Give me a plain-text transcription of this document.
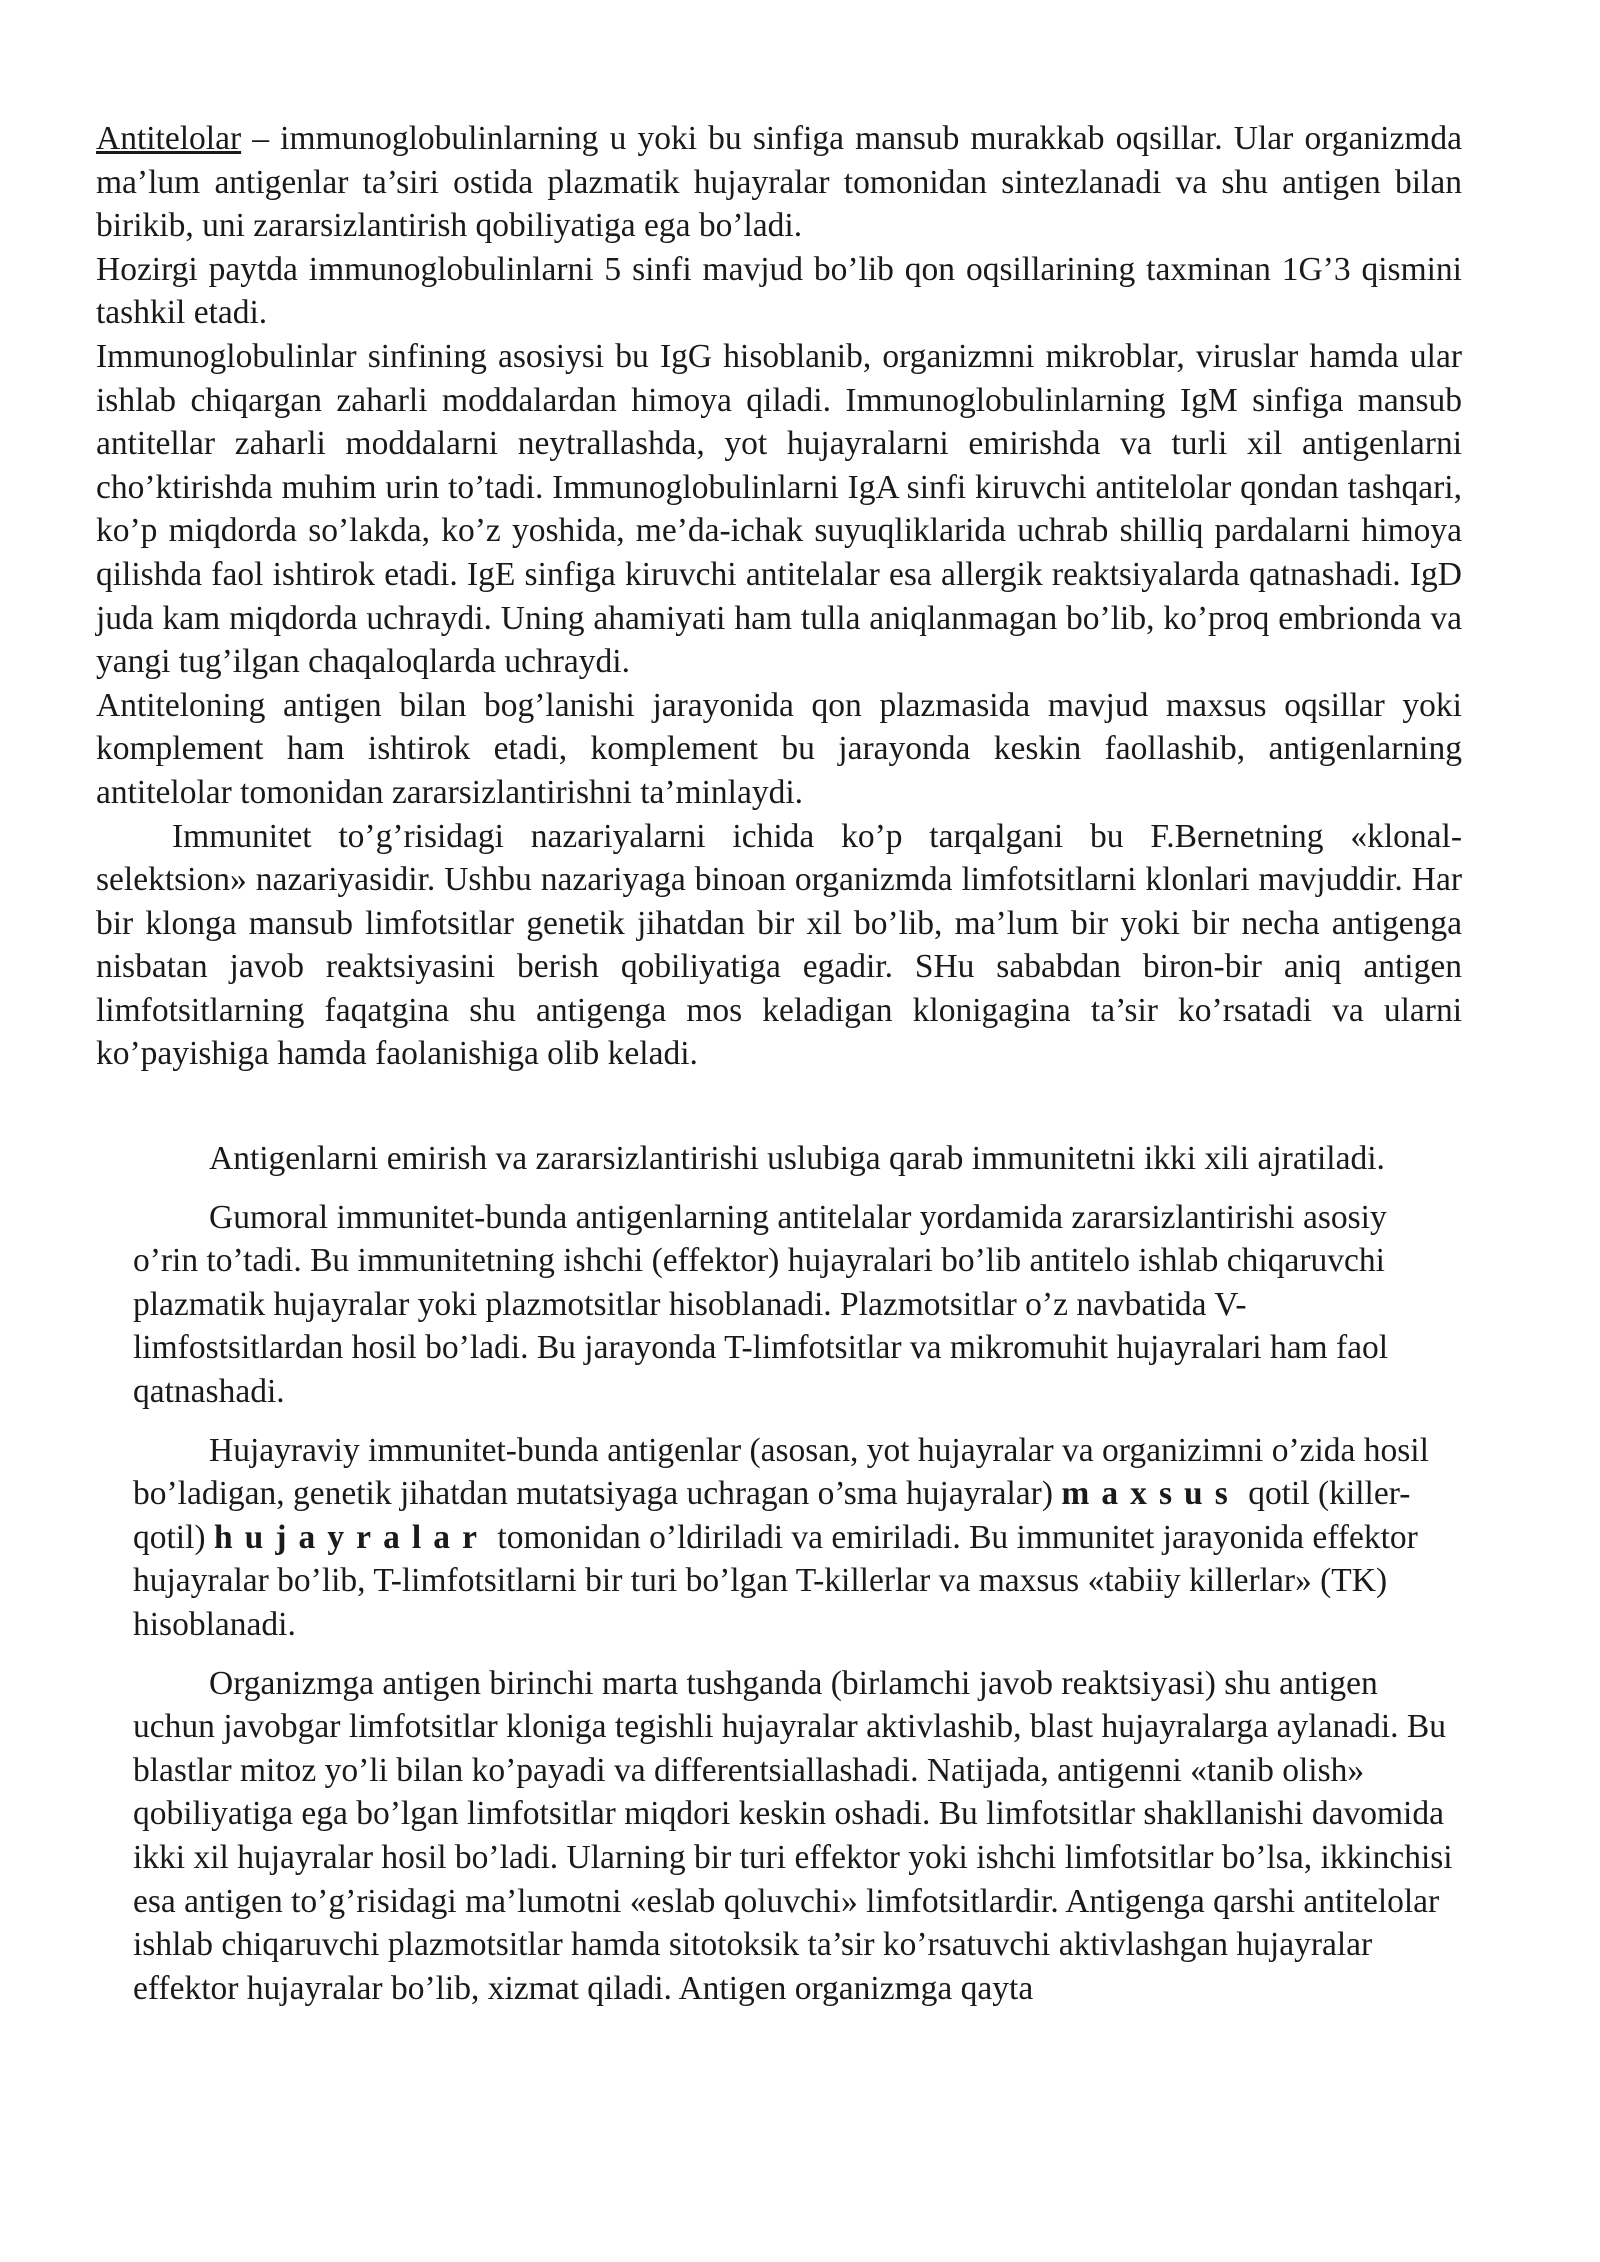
Antitelolar – immunoglobulinlarning u yoki bu sinfiga mansub murakkab oqsillar. Ular organizmda ma’lum antigenlar ta’siri ostida plazmatik hujayralar tomonidan sintezlanadi va shu antigen bilan birikib, uni zararsizlantirish qobiliyatiga ega bo’ladi.

Hozirgi paytda immunoglobulinlarni 5 sinfi mavjud bo’lib qon oqsillarining taxminan 1G’3 qismini tashkil etadi.

Immunoglobulinlar sinfining asosiysi bu IgG hisoblanib, organizmni mikroblar, viruslar hamda ular ishlab chiqargan zaharli moddalardan himoya qiladi. Immunoglobulinlarning IgM sinfiga mansub antitellar zaharli moddalarni neytrallashda, yot hujayralarni emirishda va turli xil antigenlarni cho’ktirishda muhim urin to’tadi. Immunoglobulinlarni IgA sinfi kiruvchi antitelolar qondan tashqari, ko’p miqdorda so’lakda, ko’z yoshida, me’da-ichak suyuqliklarida uchrab shilliq pardalarni himoya qilishda faol ishtirok etadi. IgE sinfiga kiruvchi antitelalar esa allergik reaktsiyalarda qatnashadi. IgD juda kam miqdorda uchraydi. Uning ahamiyati ham tulla aniqlanmagan bo’lib, ko’proq embrionda va yangi tug’ilgan chaqaloqlarda uchraydi.

Antiteloning antigen bilan bog’lanishi jarayonida qon plazmasida mavjud maxsus oqsillar yoki komplement ham ishtirok etadi, komplement bu jarayonda keskin faollashib, antigenlarning antitelolar tomonidan zararsizlantirishni ta’minlaydi.

Immunitet to’g’risidagi nazariyalarni ichida ko’p tarqalgani bu F.Bernetning «klonal-selektsion» nazariyasidir. Ushbu nazariyaga binoan organizmda limfotsitlarni klonlari mavjuddir. Har bir klonga mansub limfotsitlar genetik jihatdan bir xil bo’lib, ma’lum bir yoki bir necha antigenga nisbatan javob reaktsiyasini berish qobiliyatiga egadir. SHu sababdan biron-bir aniq antigen limfotsitlarning faqatgina shu antigenga mos keladigan klonigagina ta’sir ko’rsatadi va ularni ko’payishiga hamda faolanishiga olib keladi.

Antigenlarni emirish va zararsizlantirishi uslubiga qarab immunitetni ikki xili ajratiladi.

Gumoral immunitet-bunda antigenlarning antitelalar yordamida zararsizlantirishi asosiy o’rin to’tadi. Bu immunitetning ishchi (effektor) hujayralari bo’lib antitelo ishlab chiqaruvchi plazmatik hujayralar yoki plazmotsitlar hisoblanadi. Plazmotsitlar o’z navbatida V-limfostsitlardan hosil bo’ladi. Bu jarayonda T-limfotsitlar va mikromuhit hujayralari ham faol qatnashadi.

Hujayraviy immunitet-bunda antigenlar (asosan, yot hujayralar va organizimni o’zida hosil bo’ladigan, genetik jihatdan mutatsiyaga uchragan o’sma hujayralar) maxsus qotil (killer- qotil) hujayralar tomonidan o’ldiriladi va emiriladi. Bu immunitet jarayonida effektor hujayralar bo’lib, T-limfotsitlarni bir turi bo’lgan T-killerlar va maxsus «tabiiy killerlar» (TK) hisoblanadi.

Organizmga antigen birinchi marta tushganda (birlamchi javob reaktsiyasi) shu antigen uchun javobgar limfotsitlar kloniga tegishli hujayralar aktivlashib, blast hujayralarga aylanadi. Bu blastlar mitoz yo’li bilan ko’payadi va differentsiallashadi. Natijada, antigenni «tanib olish» qobiliyatiga ega bo’lgan limfotsitlar miqdori keskin oshadi. Bu limfotsitlar shakllanishi davomida ikki xil hujayralar hosil bo’ladi. Ularning bir turi effektor yoki ishchi limfotsitlar bo’lsa, ikkinchisi esa antigen to’g’risidagi ma’lumotni «eslab qoluvchi» limfotsitlardir. Antigenga qarshi antitelolar ishlab chiqaruvchi plazmotsitlar hamda sitotoksik ta’sir ko’rsatuvchi aktivlashgan hujayralar effektor hujayralar bo’lib, xizmat qiladi. Antigen organizmga qayta
